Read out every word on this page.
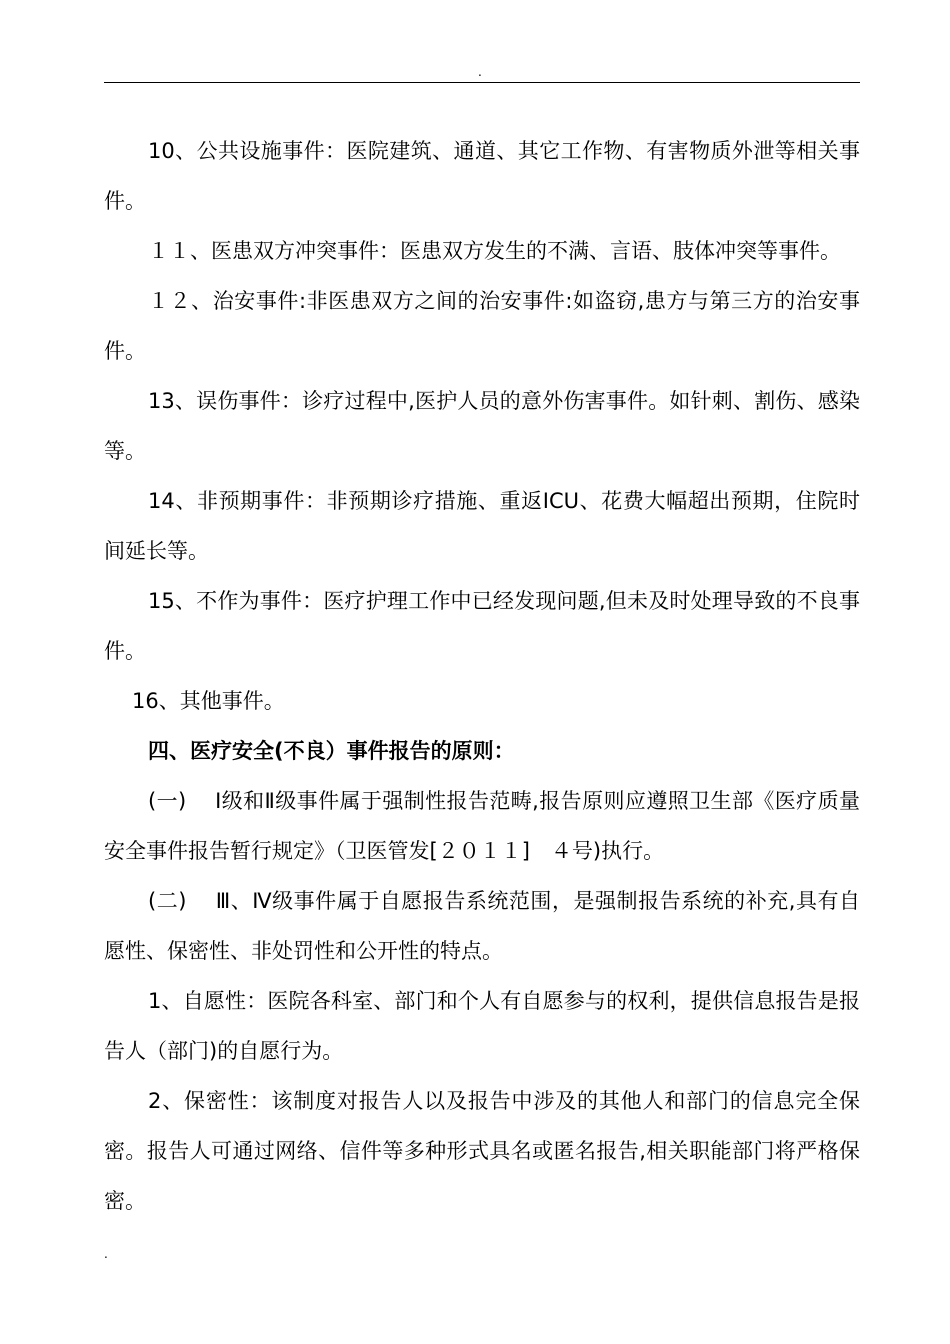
.

10、公共设施事件：医院建筑、通道、其它工作物、有害物质外泄等相关事件。

１１、医患双方冲突事件：医患双方发生的不满、言语、肢体冲突等事件。

１２、治安事件:非医患双方之间的治安事件:如盗窃,患方与第三方的治安事件。

13、误伤事件：诊疗过程中,医护人员的意外伤害事件。如针刺、割伤、感染等。

14、非预期事件：非预期诊疗措施、重返ICU、花费大幅超出预期，住院时间延长等。

15、不作为事件：医疗护理工作中已经发现问题,但未及时处理导致的不良事件。

16、其他事件。

四、医疗安全(不良）事件报告的原则：

(一)　 Ⅰ级和Ⅱ级事件属于强制性报告范畴,报告原则应遵照卫生部《医疗质量安全事件报告暂行规定》（卫医管发[２０１１]　４号)执行。

(二)　 Ⅲ、Ⅳ级事件属于自愿报告系统范围，是强制报告系统的补充,具有自愿性、保密性、非处罚性和公开性的特点。

1、自愿性：医院各科室、部门和个人有自愿参与的权利，提供信息报告是报告人（部门)的自愿行为。

2、保密性：该制度对报告人以及报告中涉及的其他人和部门的信息完全保密。报告人可通过网络、信件等多种形式具名或匿名报告,相关职能部门将严格保密。

.
